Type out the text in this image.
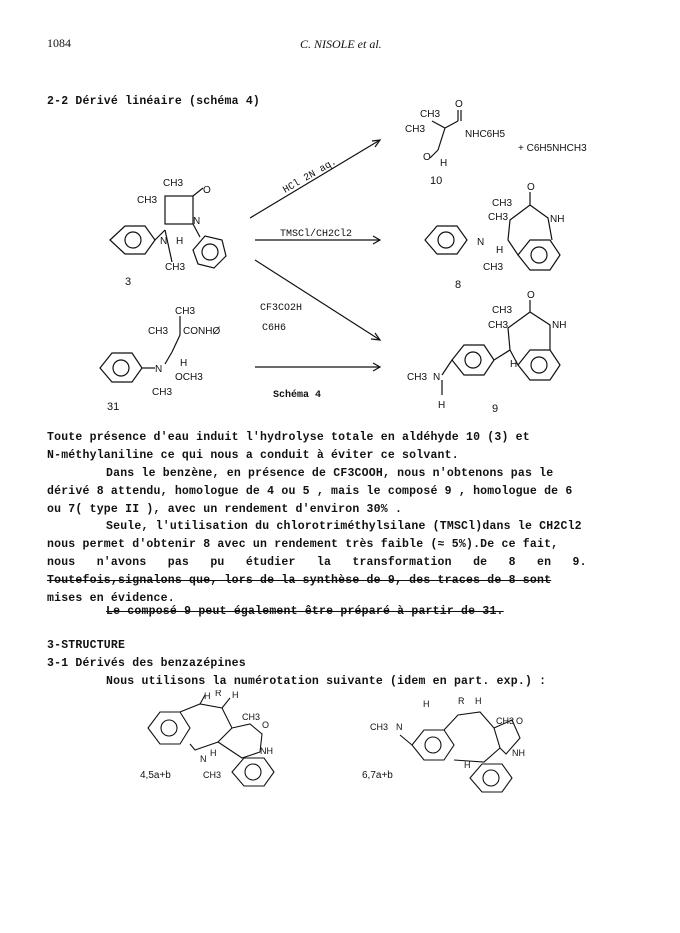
1084	C. NISOLE et al.
2-2 Dérivé linéaire (schéma 4)
CH3
CH3
O
N
N H
CH3
3
CH3
CH3 CONHØ
H
N
OCH3
CH3
31
HCl 2N aq.
TMSCl/CH2Cl2
CF3CO2H
C6H6
Schéma 4
O
CH3
CH3	NHC6H5
+ C6H5NHCH3
O
H
10
O
CH3
CH3	NH
N
H
CH3
8
O
CH3
CH3	NH
H
CH3 N
H	9
Toute présence d'eau induit l'hydrolyse totale en aldéhyde 10 (3) et
N-méthylaniline ce qui nous a conduit à éviter ce solvant.
Dans le benzène, en présence de CF3COOH, nous n'obtenons pas le
dérivé 8 attendu, homologue de 4 ou 5 , mais le composé 9 , homologue de 6
ou 7( type II ), avec un rendement d'environ 30% .
Seule, l'utilisation du chlorotriméthylsilane (TMSCl)dans le CH2Cl2
nous permet d'obtenir 8 avec un rendement très faible (≈ 5%).De ce fait,
nous   n'avons   pas   pu   étudier   la   transformation   de   8   en   9.
Toutefois,signalons que, lors de la synthèse de 9, des traces de 8 sont
mises en évidence.
Le composé 9 peut également être préparé à partir de 31.
3-STRUCTURE
3-1 Dérivés des benzazépines
Nous utilisons la numérotation suivante (idem en part. exp.) :
H R H
CH3
O
NH
N
H
CH3
4,5a+b
H	R H
CH3 N
CH3 O
NH
H
6,7a+b
